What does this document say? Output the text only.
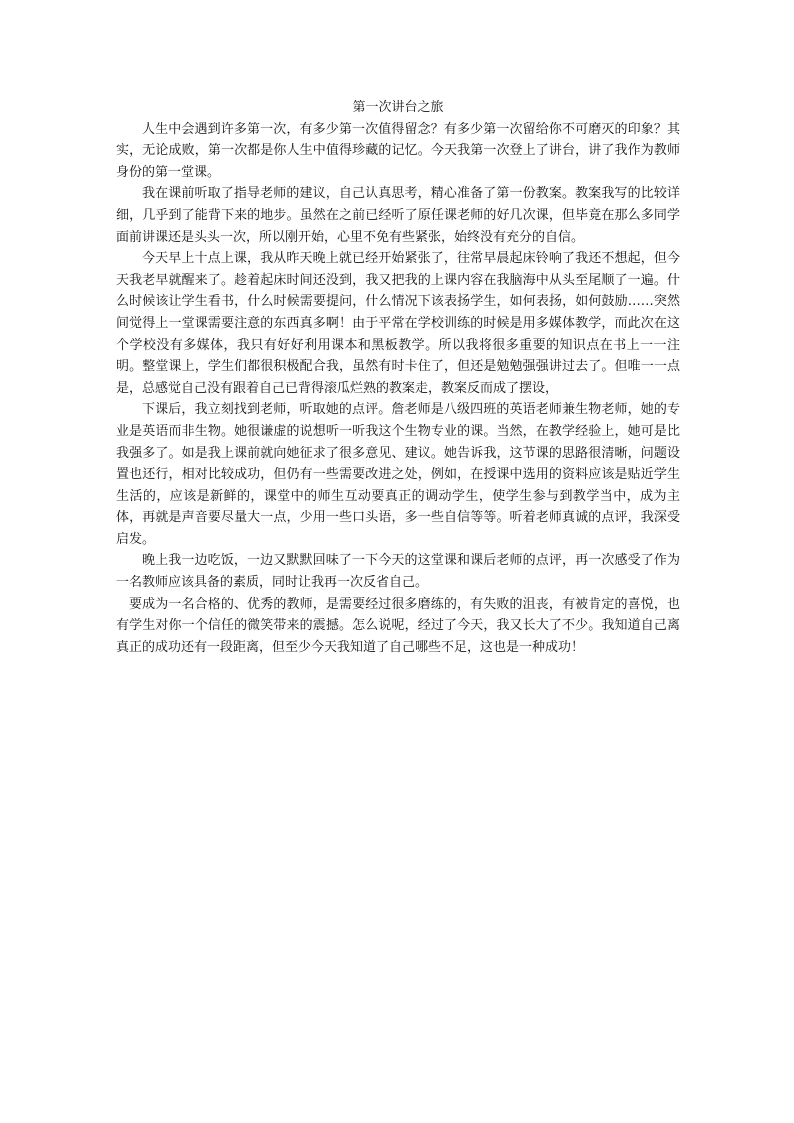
第一次讲台之旅

人生中会遇到许多第一次，有多少第一次值得留念？有多少第一次留给你不可磨灭的印象？其实，无论成败，第一次都是你人生中值得珍藏的记忆。今天我第一次登上了讲台，讲了我作为教师身份的第一堂课。

我在课前听取了指导老师的建议，自己认真思考，精心准备了第一份教案。教案我写的比较详细，几乎到了能背下来的地步。虽然在之前已经听了原任课老师的好几次课，但毕竟在那么多同学面前讲课还是头头一次，所以刚开始，心里不免有些紧张，始终没有充分的自信。

今天早上十点上课，我从昨天晚上就已经开始紧张了，往常早晨起床铃响了我还不想起，但今天我老早就醒来了。趁着起床时间还没到，我又把我的上课内容在我脑海中从头至尾顺了一遍。什么时候该让学生看书，什么时候需要提问，什么情况下该表扬学生，如何表扬，如何鼓励……突然间觉得上一堂课需要注意的东西真多啊！由于平常在学校训练的时候是用多媒体教学，而此次在这个学校没有多媒体，我只有好好利用课本和黑板教学。所以我将很多重要的知识点在书上一一注明。整堂课上，学生们都很积极配合我，虽然有时卡住了，但还是勉勉强强讲过去了。但唯一一点是，总感觉自己没有跟着自己已背得滚瓜烂熟的教案走，教案反而成了摆设，

下课后，我立刻找到老师，听取她的点评。詹老师是八级四班的英语老师兼生物老师，她的专业是英语而非生物。她很谦虚的说想听一听我这个生物专业的课。当然，在教学经验上，她可是比我强多了。如是我上课前就向她征求了很多意见、建议。她告诉我，这节课的思路很清晰，问题设置也还行，相对比较成功，但仍有一些需要改进之处，例如，在授课中选用的资料应该是贴近学生生活的，应该是新鲜的，课堂中的师生互动要真正的调动学生，使学生参与到教学当中，成为主体，再就是声音要尽量大一点，少用一些口头语，多一些自信等等。听着老师真诚的点评，我深受启发。

晚上我一边吃饭，一边又默默回味了一下今天的这堂课和课后老师的点评，再一次感受了作为一名教师应该具备的素质，同时让我再一次反省自己。

要成为一名合格的、优秀的教师，是需要经过很多磨练的，有失败的沮丧，有被肯定的喜悦，也有学生对你一个信任的微笑带来的震撼。怎么说呢，经过了今天，我又长大了不少。我知道自己离真正的成功还有一段距离，但至少今天我知道了自己哪些不足，这也是一种成功！
